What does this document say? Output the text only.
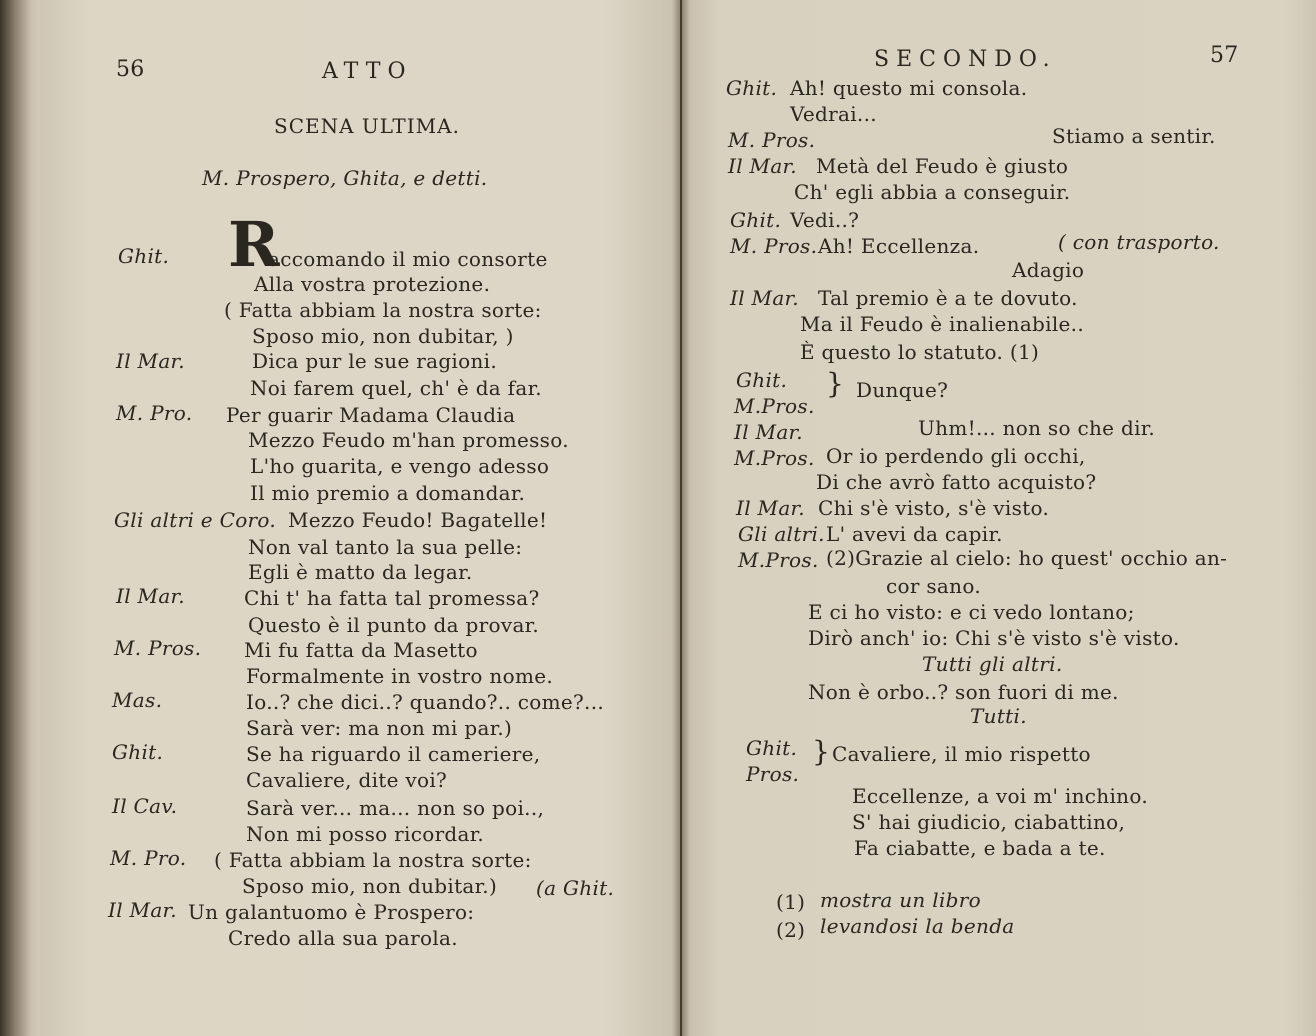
56	ATTO
SCENA ULTIMA.
M. Prospero, Ghita, e detti.
R
Ghit.	accomando il mio consorte
Alla vostra protezione.
( Fatta abbiam la nostra sorte:
Sposo mio, non dubitar, )
Il Mar.	Dica pur le sue ragioni.
Noi farem quel, ch' è da far.
M. Pro. Per guarir Madama Claudia
Mezzo Feudo m'han promesso.
L'ho guarita, e vengo adesso
Il mio premio a domandar.
Gli altri e Coro. Mezzo Feudo! Bagatelle!
Non val tanto la sua pelle:
Egli è matto da legar.
Il Mar.	Chi t' ha fatta tal promessa?
Questo è il punto da provar.
M. Pros. Mi fu fatta da Masetto
Formalmente in vostro nome.
Mas.	Io..? che dici..? quando?.. come?...
Sarà ver: ma non mi par.)
Ghit.	Se ha riguardo il cameriere,
Cavaliere, dite voi?
Il Cav.	Sarà ver... ma... non so poi..,
Non mi posso ricordar.
M. Pro. ( Fatta abbiam la nostra sorte:
Sposo mio, non dubitar.) (a Ghit.
Il Mar. Un galantuomo è Prospero:
Credo alla sua parola.
SECONDO.	57
Ghit. Ah! questo mi consola.
Vedrai...
M. Pros.	Stiamo a sentir.
Il Mar. Metà del Feudo è giusto
Ch' egli abbia a conseguir.
Ghit. Vedi..?
M. Pros. Ah! Eccellenza.	( con trasporto.
Adagio
Il Mar. Tal premio è a te dovuto.
Ma il Feudo è inalienabile..
È questo lo statuto. (1)
Ghit.
M.Pros.
} Dunque?
Il Mar.	Uhm!... non so che dir.
M.Pros. Or io perdendo gli occhi,
Di che avrò fatto acquisto?
Il Mar. Chi s'è visto, s'è visto.
Gli altri. L' avevi da capir.
M.Pros. (2)Grazie al cielo: ho quest' occhio an-
cor sano.
E ci ho visto: e ci vedo lontano;
Dirò anch' io: Chi s'è visto s'è visto.
Tutti gli altri.
Non è orbo..? son fuori di me.
Tutti.
Ghit.
Pros.
} Cavaliere, il mio rispetto
Eccellenze, a voi m' inchino.
S' hai giudicio, ciabattino,
Fa ciabatte, e bada a te.
(1) mostra un libro
(2) levandosi la benda
